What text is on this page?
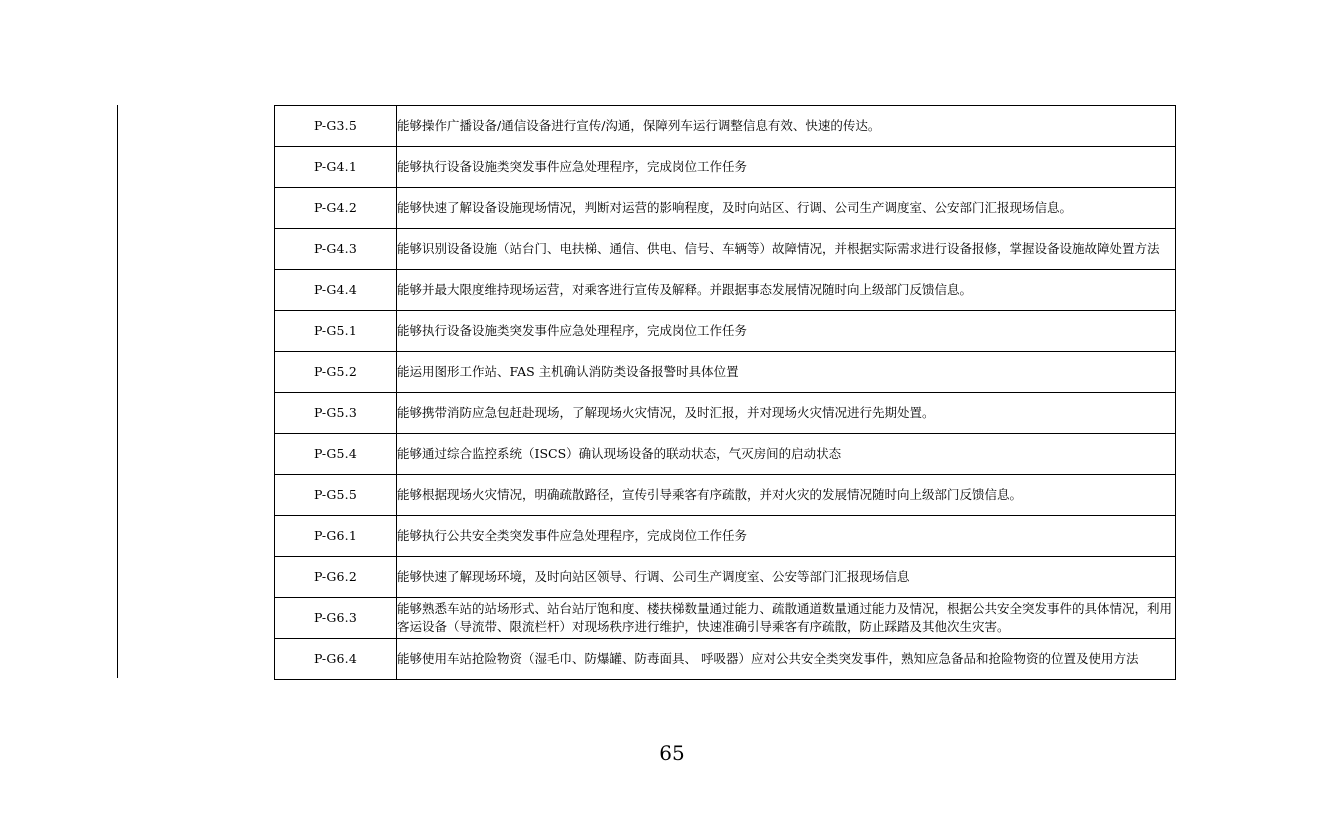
P-G3.5	能够操作广播设备/通信设备进行宣传/沟通，保障列车运行调整信息有效、快速的传达。
P-G4.1	能够执行设备设施类突发事件应急处理程序，完成岗位工作任务
P-G4.2	能够快速了解设备设施现场情况，判断对运营的影响程度，及时向站区、行调、公司生产调度室、公安部门汇报现场信息。
P-G4.3	能够识别设备设施（站台门、电扶梯、通信、供电、信号、车辆等）故障情况，并根据实际需求进行设备报修，掌握设备设施故障处置方法
P-G4.4	能够并最大限度维持现场运营，对乘客进行宣传及解释。并跟据事态发展情况随时向上级部门反馈信息。
P-G5.1	能够执行设备设施类突发事件应急处理程序，完成岗位工作任务
P-G5.2	能运用图形工作站、FAS 主机确认消防类设备报警时具体位置
P-G5.3	能够携带消防应急包赶赴现场，了解现场火灾情况，及时汇报，并对现场火灾情况进行先期处置。
P-G5.4	能够通过综合监控系统（ISCS）确认现场设备的联动状态，气灭房间的启动状态
P-G5.5	能够根据现场火灾情况，明确疏散路径，宣传引导乘客有序疏散，并对火灾的发展情况随时向上级部门反馈信息。
P-G6.1	能够执行公共安全类突发事件应急处理程序，完成岗位工作任务
P-G6.2	能够快速了解现场环境，及时向站区领导、行调、公司生产调度室、公安等部门汇报现场信息
P-G6.3	能够熟悉车站的站场形式、站台站厅饱和度、楼扶梯数量通过能力、疏散通道数量通过能力及情况，根据公共安全突发事件的具体情况，利用客运设备（导流带、限流栏杆）对现场秩序进行维护，快速准确引导乘客有序疏散，防止踩踏及其他次生灾害。
P-G6.4	能够使用车站抢险物资（湿毛巾、防爆罐、防毒面具、 呼吸器）应对公共安全类突发事件，熟知应急备品和抢险物资的位置及使用方法
65
